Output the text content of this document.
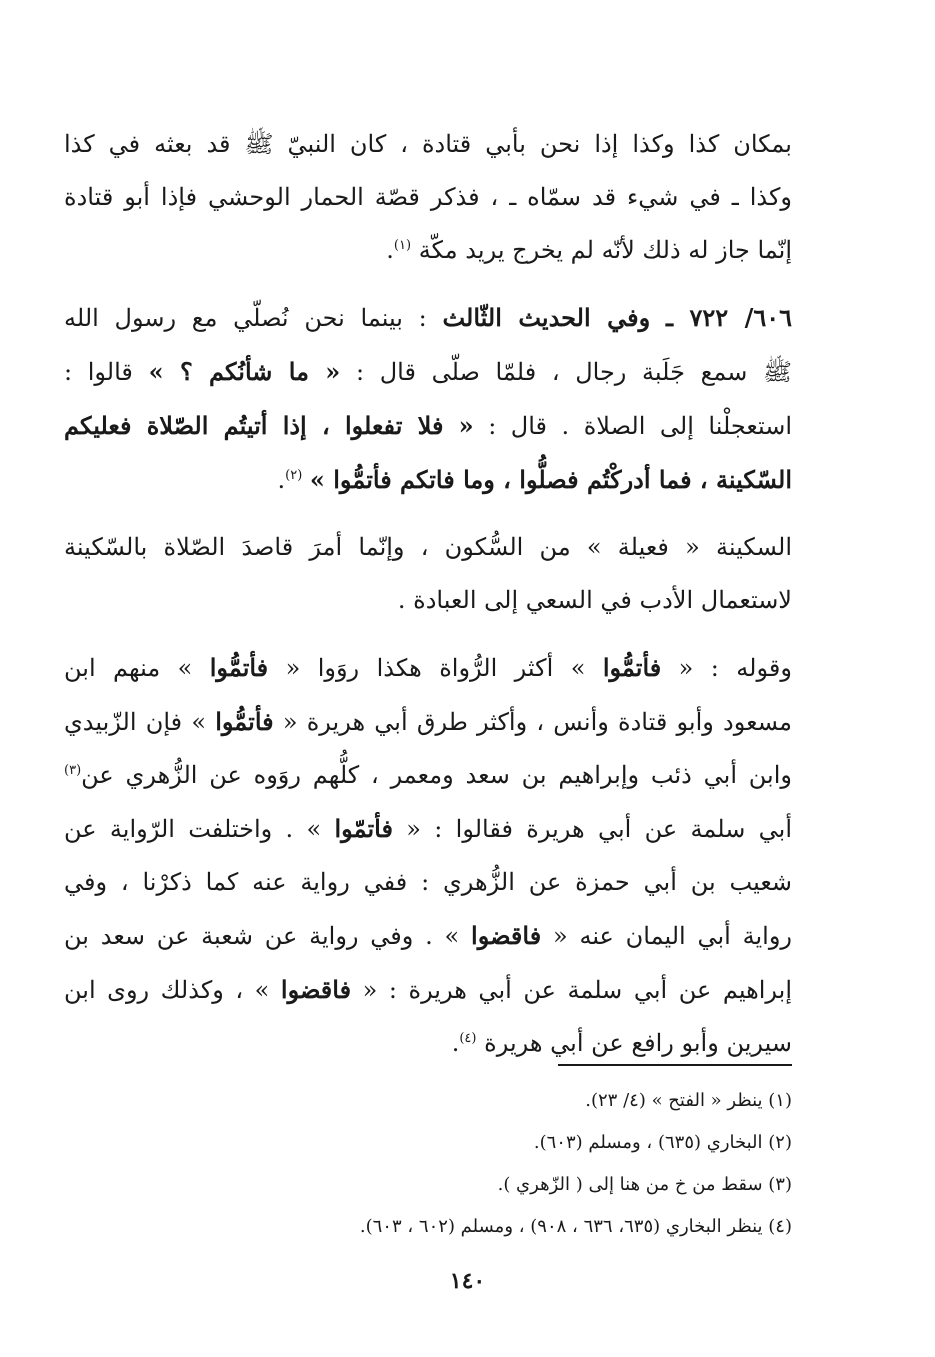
بمكان كذا وكذا إذا نحن بأبي قتادة ، كان النبيّ ﷺ قد بعثه في كذا
وكذا ـ في شيء قد سمّاه ـ ، فذكر قصّة الحمار الوحشي فإذا أبو قتادة
إنّما جاز له ذلك لأنّه لم يخرج يريد مكّة $^{(١)}$.

٦٠٦/ ٧٢٢ ـ وفي الحديث الثّالث : بينما نحن نُصلّي مع رسول الله
ﷺ سمع جَلَبة رجال ، فلمّا صلّى قال : « ما شأنُكم ؟ » قالوا :
استعجلْنا إلى الصلاة . قال : « فلا تفعلوا ، إذا أتيتُم الصّلاة فعليكم
السّكينة ، فما أدركْتُم فصلُّوا ، وما فاتكم فأتمُّوا » $^{(٢)}$.

السكينة « فعيلة » من السُّكون ، وإنّما أمرَ قاصدَ الصّلاة بالسّكينة
لاستعمال الأدب في السعي إلى العبادة .

وقوله : « فأتمُّوا » أكثر الرُّواة هكذا روَوا « فأتمُّوا » منهم ابن
مسعود وأبو قتادة وأنس ، وأكثر طرق أبي هريرة « فأتمُّوا » فإن الزّبيدي
وابن أبي ذئب وإبراهيم بن سعد ومعمر ، كلُّهم روَوه عن الزُّهري عن$^{(٣)}$
أبي سلمة عن أبي هريرة فقالوا : « فأتمّوا » . واختلفت الرّواية عن
شعيب بن أبي حمزة عن الزُّهري : ففي رواية عنه كما ذكرْنا ، وفي
رواية أبي اليمان عنه « فاقضوا » . وفي رواية عن شعبة عن سعد بن
إبراهيم عن أبي سلمة عن أبي هريرة : « فاقضوا » ، وكذلك روى ابن
سيرين وأبو رافع عن أبي هريرة $^{(٤)}$.

(١) ينظر « الفتح » (٤/ ٢٣).
(٢) البخاري (٦٣٥) ، ومسلم (٦٠٣).
(٣) سقط من خ من هنا إلى ( الزّهري ).
(٤) ينظر البخاري (٦٣٥، ٦٣٦ ، ٩٠٨) ، ومسلم (٦٠٢ ، ٦٠٣).
١٤٠
